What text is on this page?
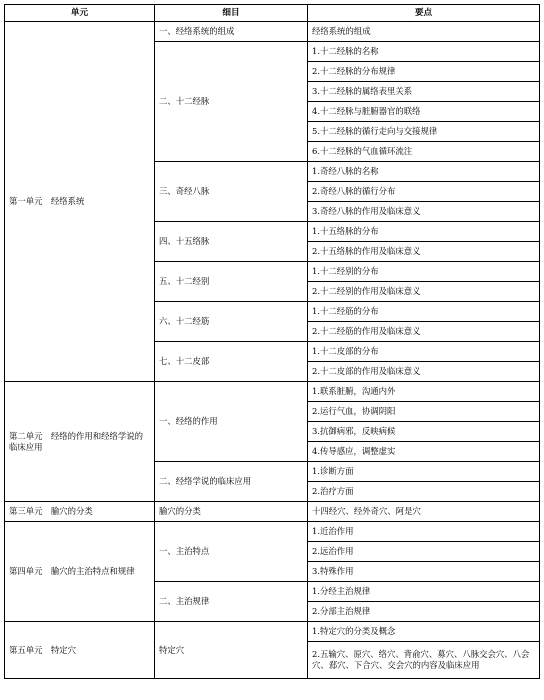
单元	细目	要点
第一单元　经络系统	一、经络系统的组成	经络系统的组成
	二、十二经脉	1.十二经脉的名称
		2.十二经脉的分布规律
		3.十二经脉的属络表里关系
		4.十二经脉与脏腑器官的联络
		5.十二经脉的循行走向与交接规律
		6.十二经脉的气血循环流注
	三、奇经八脉	1.奇经八脉的名称
		2.奇经八脉的循行分布
		3.奇经八脉的作用及临床意义
	四、十五络脉	1.十五络脉的分布
		2.十五络脉的作用及临床意义
	五、十二经别	1.十二经别的分布
		2.十二经别的作用及临床意义
	六、十二经筋	1.十二经筋的分布
		2.十二经筋的作用及临床意义
	七、十二皮部	1.十二皮部的分布
		2.十二皮部的作用及临床意义
第二单元　经络的作用和经络学说的临床应用	一、经络的作用	1.联系脏腑，沟通内外
		2.运行气血，协调阴阳
		3.抗御病邪，反映病候
		4.传导感应，调整虚实
	二、经络学说的临床应用	1.诊断方面
		2.治疗方面
第三单元　腧穴的分类	腧穴的分类	十四经穴、经外奇穴、阿是穴
第四单元　腧穴的主治特点和规律	一、主治特点	1.近治作用
		2.远治作用
		3.特殊作用
	二、主治规律	1.分经主治规律
		2.分部主治规律
第五单元　特定穴	特定穴	1.特定穴的分类及概念
		2.五输穴、原穴、络穴、背俞穴、募穴、八脉交会穴、八会穴、郄穴、下合穴、交会穴的内容及临床应用
